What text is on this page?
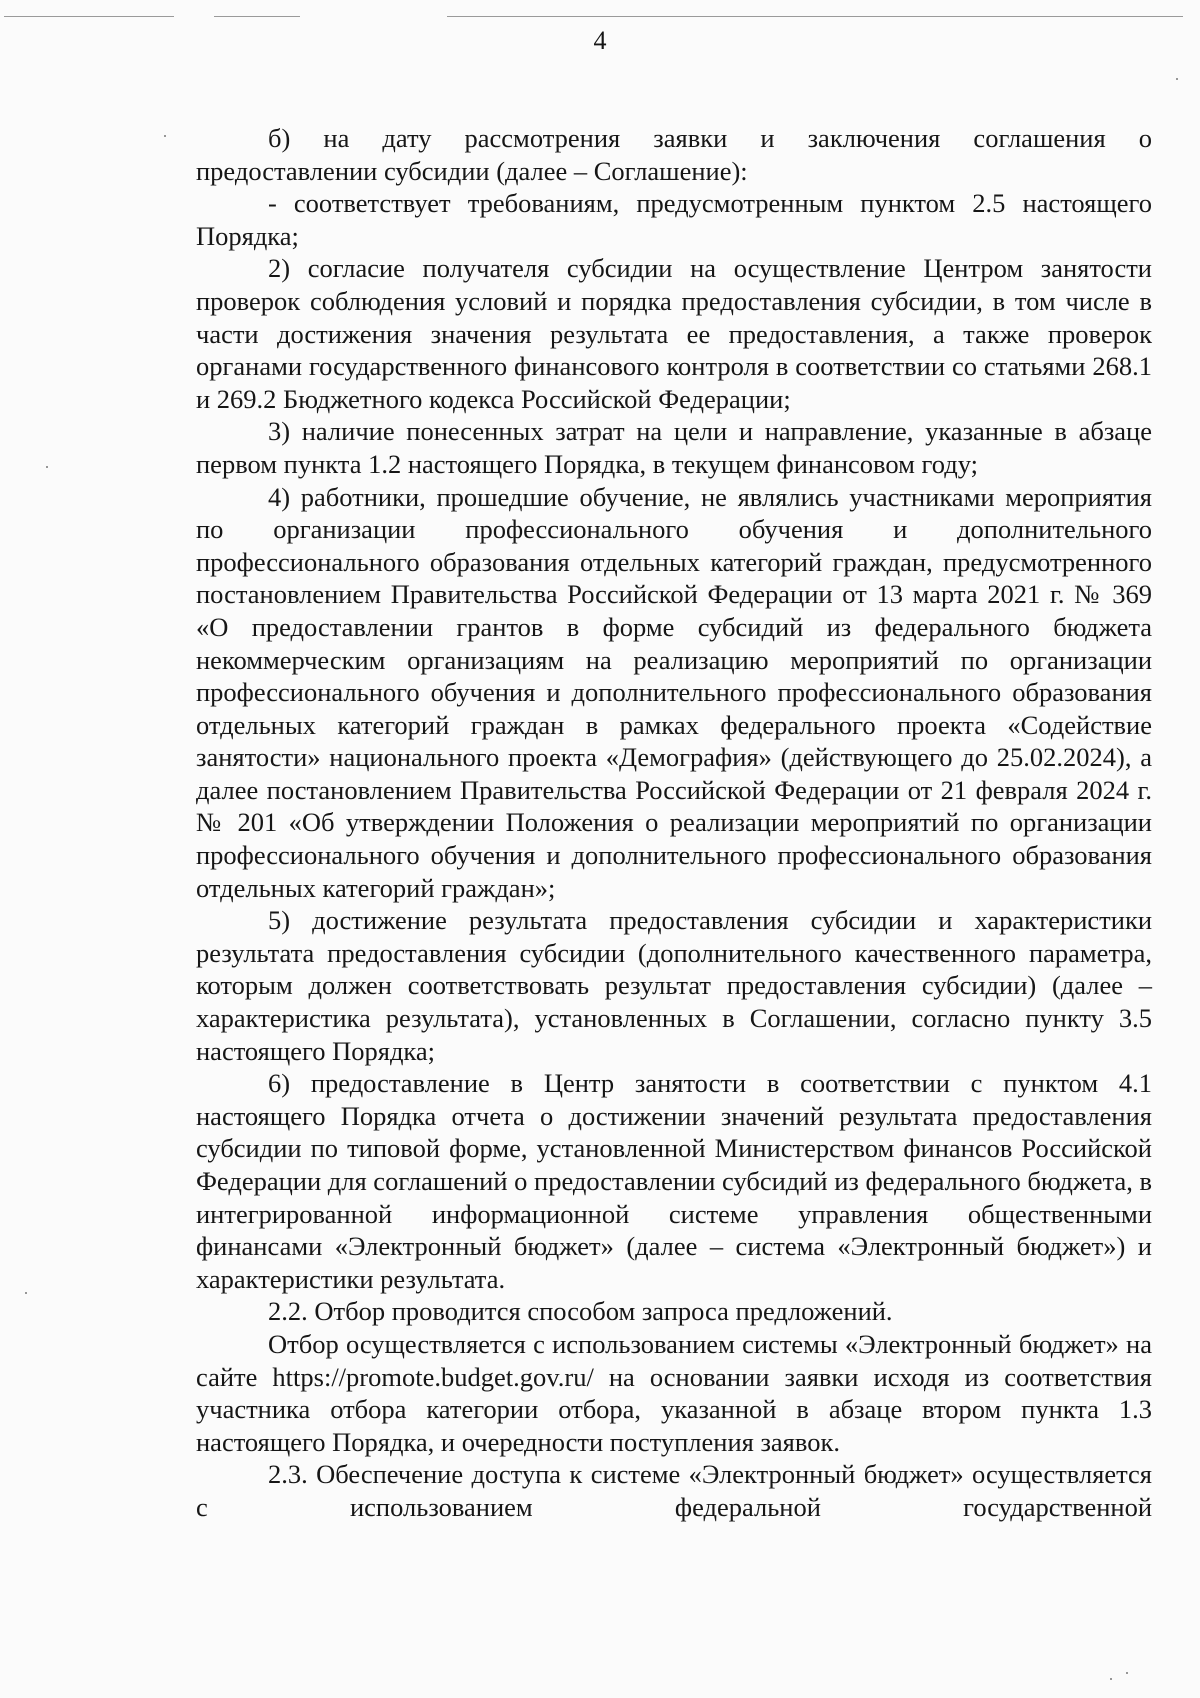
4

б) на дату рассмотрения заявки и заключения соглашения о

предоставлении субсидии (далее – Соглашение):

- соответствует требованиям, предусмотренным пунктом 2.5 настоящего Порядка;

2) согласие получателя субсидии на осуществление Центром занятости проверок соблюдения условий и порядка предоставления субсидии, в том числе в части достижения значения результата ее предоставления, а также проверок органами государственного финансового контроля в соответствии со статьями 268.1 и 269.2 Бюджетного кодекса Российской Федерации;

3) наличие понесенных затрат на цели и направление, указанные в абзаце первом пункта 1.2 настоящего Порядка, в текущем финансовом году;

4) работники, прошедшие обучение, не являлись участниками мероприятия по организации профессионального обучения и дополнительного профессионального образования отдельных категорий граждан, предусмотренного постановлением Правительства Российской Федерации от 13 марта 2021 г. № 369 «О предоставлении грантов в форме субсидий из федерального бюджета некоммерческим организациям на реализацию мероприятий по организации профессионального обучения и дополнительного профессионального образования отдельных категорий граждан в рамках федерального проекта «Содействие занятости» национального проекта «Демография» (действующего до 25.02.2024), а далее постановлением Правительства Российской Федерации от 21 февраля 2024 г. № 201 «Об утверждении Положения о реализации мероприятий по организации профессионального обучения и дополнительного профессионального образования отдельных категорий граждан»;

5) достижение результата предоставления субсидии и характеристики результата предоставления субсидии (дополнительного качественного параметра, которым должен соответствовать результат предоставления субсидии) (далее – характеристика результата), установленных в Соглашении, согласно пункту 3.5 настоящего Порядка;

6) предоставление в Центр занятости в соответствии с пунктом 4.1 настоящего Порядка отчета о достижении значений результата предоставления субсидии по типовой форме, установленной Министерством финансов Российской Федерации для соглашений о предоставлении субсидий из федерального бюджета, в интегрированной информационной системе управления общественными финансами «Электронный бюджет» (далее – система «Электронный бюджет») и характеристики результата.

2.2. Отбор проводится способом запроса предложений.

Отбор осуществляется с использованием системы «Электронный бюджет» на сайте https://promote.budget.gov.ru/ на основании заявки исходя из соответствия участника отбора категории отбора, указанной в абзаце втором пункта 1.3 настоящего Порядка, и очередности поступления заявок.

2.3. Обеспечение доступа к системе «Электронный бюджет» осуществляется с использованием федеральной государственной
